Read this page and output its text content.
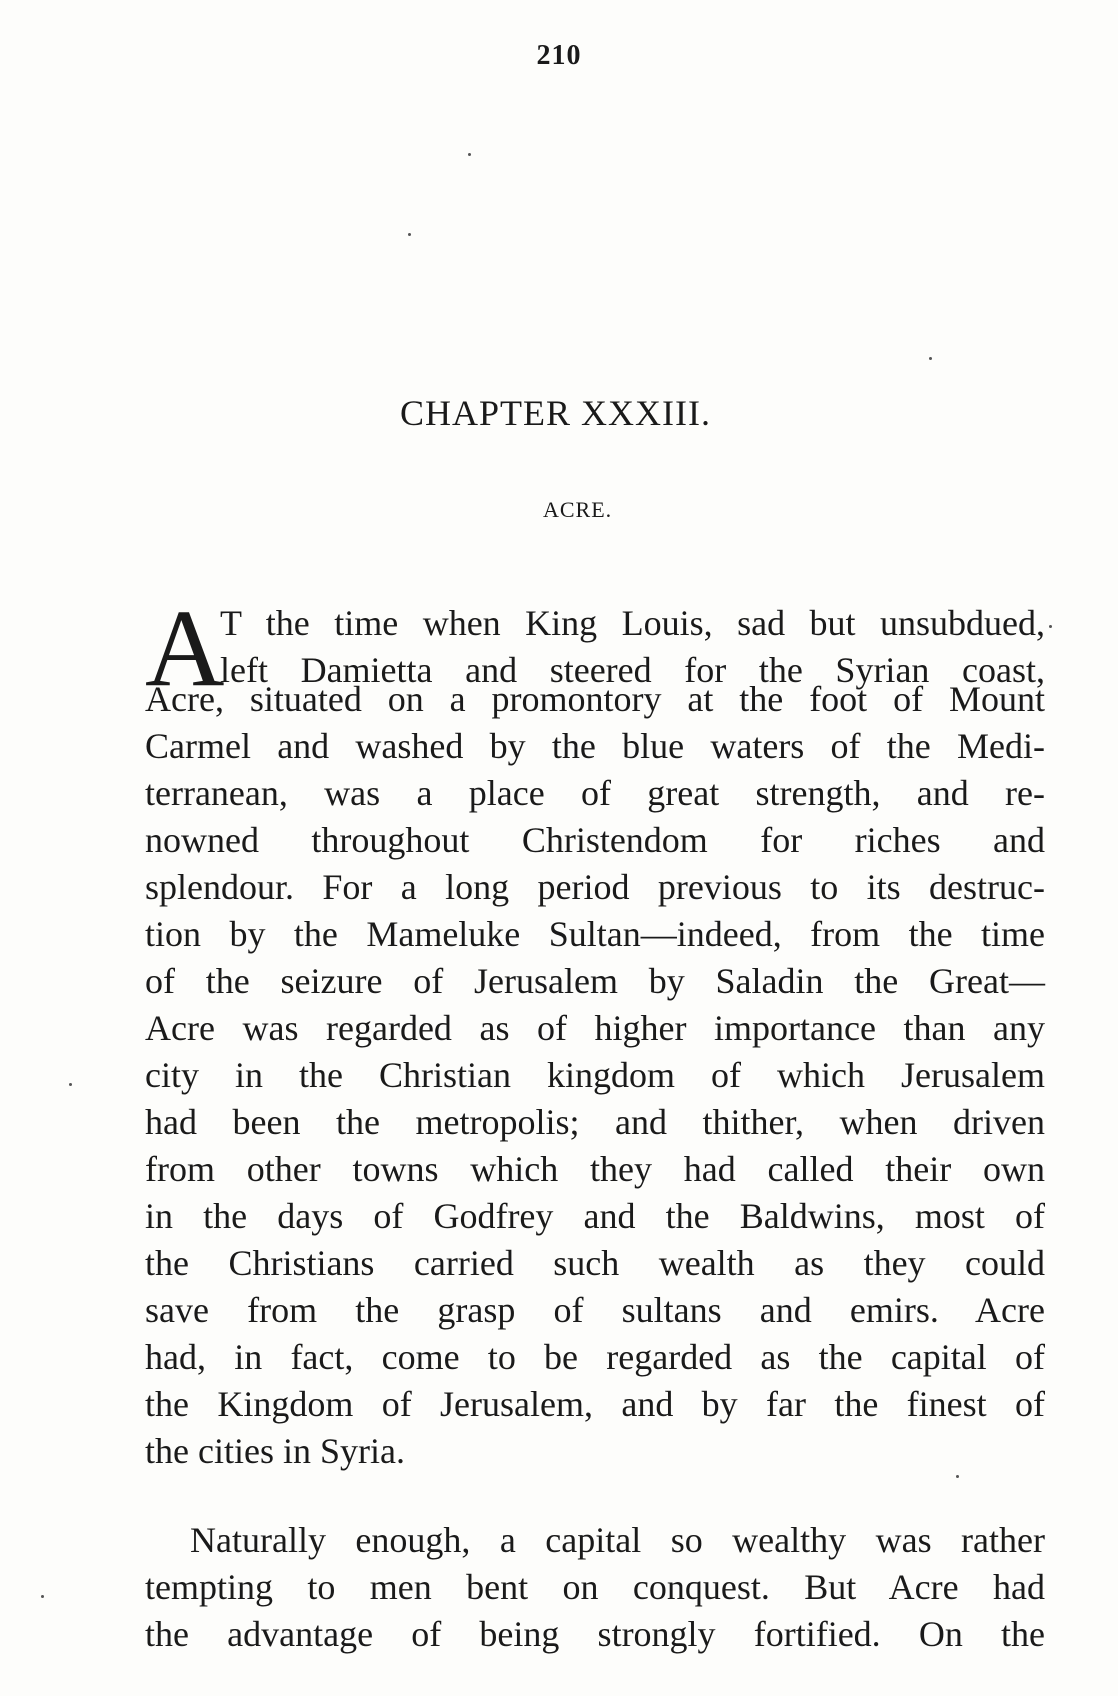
210
CHAPTER XXXIII.
ACRE.
A
T the time when King Louis, sad but unsubdued,
left Damietta and steered for the Syrian coast,
Acre, situated on a promontory at the foot of Mount
Carmel and washed by the blue waters of the Medi-
terranean, was a place of great strength, and re-
nowned throughout Christendom for riches and
splendour. For a long period previous to its destruc-
tion by the Mameluke Sultan—indeed, from the time
of the seizure of Jerusalem by Saladin the Great—
Acre was regarded as of higher importance than any
city in the Christian kingdom of which Jerusalem
had been the metropolis; and thither, when driven
from other towns which they had called their own
in the days of Godfrey and the Baldwins, most of
the Christians carried such wealth as they could
save from the grasp of sultans and emirs. Acre
had, in fact, come to be regarded as the capital of
the Kingdom of Jerusalem, and by far the finest of
the cities in Syria.
Naturally enough, a capital so wealthy was rather
tempting to men bent on conquest. But Acre had
the advantage of being strongly fortified. On the
